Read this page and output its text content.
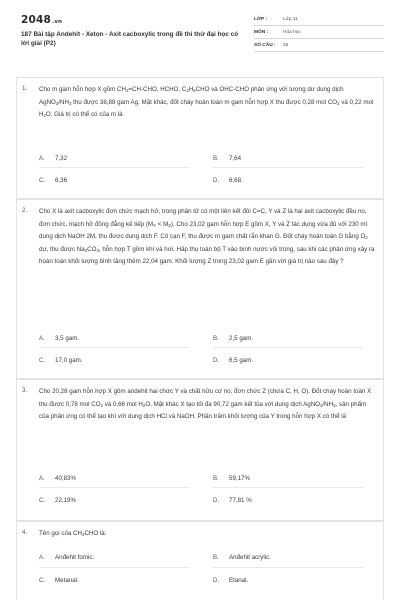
2048.vn
187 Bài tập Andehit - Xeton - Axit cacboxylic trong đề thi thử đại học có lời giải (P2)
LỚP :	Lớp 11
MÔN :	Hóa học
SỐ CÂU : 26
1. Cho m gam hỗn hợp X gồm $CH_2=CH$-CHO, HCHO, $C_2H_5CHO$ và OHC-CHO phản ứng với lượng dư dung dịch $AgNO_3/NH_3$ thu được 38,88 gam Ag. Mặt khác, đốt cháy hoàn toàn m gam hỗn hợp X thu được 0,28 mol $CO_2$ và 0,22 mol $H_2O$. Giá trị có thể có của m là
A. 7,32	B. 7,64
C. 6,36	D. 6,68.
2. Cho X là axit cacboxylic đơn chức mạch hở, trong phân tử có một liên kết đôi C=C, Y và Z là hai axit cacboxylic đều no, đơn chức, mạch hở đồng đẳng kế tiếp $(M_Y < M_Z)$. Cho 23,02 gam hỗn hợp E gồm X, Y và Z tác dụng vừa đủ với 230 ml dung dịch NaOH 2M, thu được dung dịch F. Cô cạn F, thu được m gam chất rắn khan G. Đốt cháy hoàn toàn G bằng $O_2$ dư, thu được $Na_2CO_3$, hỗn hợp T gồm khí và hơi. Hấp thụ toàn bộ T vào bình nước vôi trong, sau khi các phản ứng xảy ra hoàn toàn khối lượng bình tăng thêm 22,04 gam. Khối lượng Z trong 23,02 gam E gần với giá trị nào sau đây ?
A. 3,5 gam.	B. 2,5 gam.
C. 17,0 gam.	D. 6,5 gam.
3. Cho 20,28 gam hỗn hợp X gồm andehit hai chức Y và chất hữu cơ no, đơn chức Z (chứa C, H, O). Đốt cháy hoàn toàn X thu được 0,78 mol $CO_2$ và 0,66 mol $H_2O$. Mặt khác X tạo tối đa 90,72 gam kết tủa với dung dịch $AgNO_3/NH_3$, sản phẩm của phản ứng có thể tạo khí với dung dịch HCl và NaOH. Phần trăm khối lượng của Y trong hỗn hợp X có thể là
A. 40,83%	B. 59,17%
C. 22,19%	D. 77,81 %
4. Tên gọi của $CH_3CHO$ là:
A. Anđehit fomic.	B. Anđehit acrylic.
C. Metanal.	D. Etanal.
